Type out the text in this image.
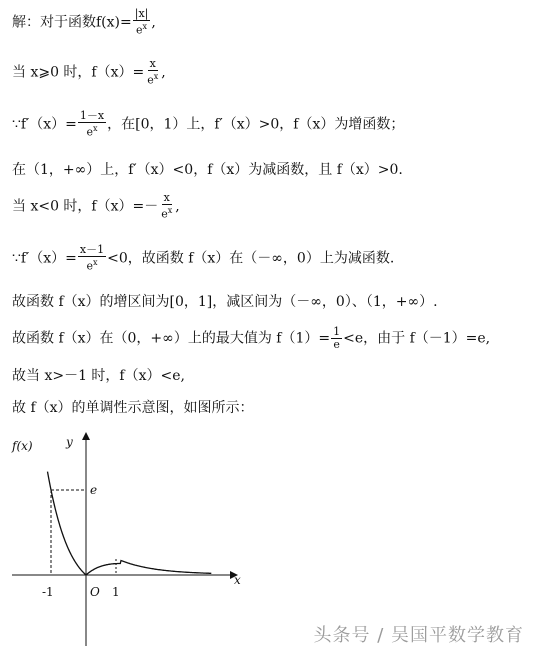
解：对于函数$f(x)= \frac{|x|}{e^x}$ ,
当 x⩾0 时，$f(x)= \frac{x}{e^x}$ ,
∵f′（x）= $\frac{1-x}{e^x}$ ，在[0，1）上，f′（x）>0，f（x）为增函数；
在（1，+∞）上，f′（x）<0，f（x）为减函数，且 f（x）>0.
当 x<0 时，$f(x)=- \frac{x}{e^x}$ ,
∵f′（x）= $\frac{x-1}{e^x} <0$，故函数 f（x）在（－∞，0）上为减函数.
故函数 f（x）的增区间为[0，1]，减区间为（－∞，0）、（1，+∞）.
故函数 f（x）在（0，+∞）上的最大值为 $f(1)= \frac{1}{e} <e$，由于 f（－1）=e,
故当 x>－1 时，f（x）<e,
故 f（x）的单调性示意图，如图所示：
f(x)	y
x
e
-1	O 1
头条号 / 吴国平数学教育
